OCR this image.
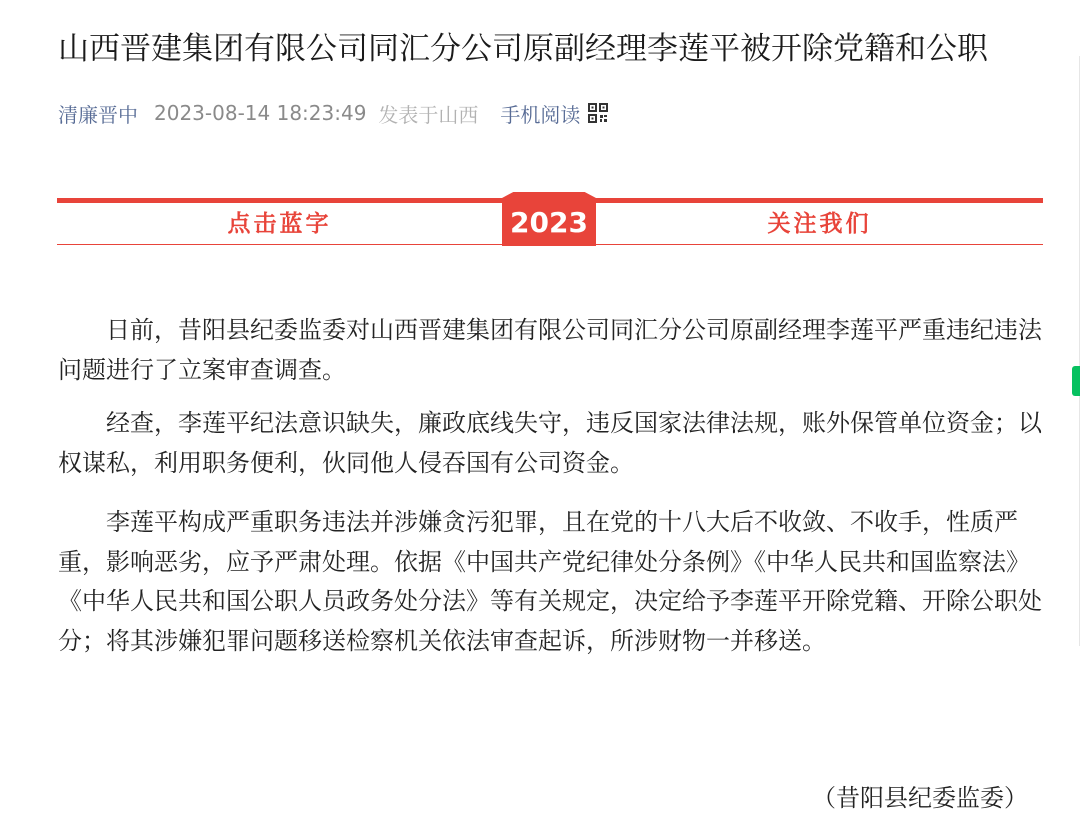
山西晋建集团有限公司同汇分公司原副经理李莲平被开除党籍和公职
清廉晋中 2023-08-14 18:23:49 发表于山西 手机阅读
点击蓝字	2023	关注我们

日前，昔阳县纪委监委对山西晋建集团有限公司同汇分公司原副经理李莲平严重违纪违法问题进行了立案审查调查。

经查，李莲平纪法意识缺失，廉政底线失守，违反国家法律法规，账外保管单位资金；以权谋私，利用职务便利，伙同他人侵吞国有公司资金。

李莲平构成严重职务违法并涉嫌贪污犯罪，且在党的十八大后不收敛、不收手，性质严重，影响恶劣，应予严肃处理。依据《中国共产党纪律处分条例》《中华人民共和国监察法》《中华人民共和国公职人员政务处分法》等有关规定，决定给予李莲平开除党籍、开除公职处分；将其涉嫌犯罪问题移送检察机关依法审查起诉，所涉财物一并移送。

（昔阳县纪委监委）
